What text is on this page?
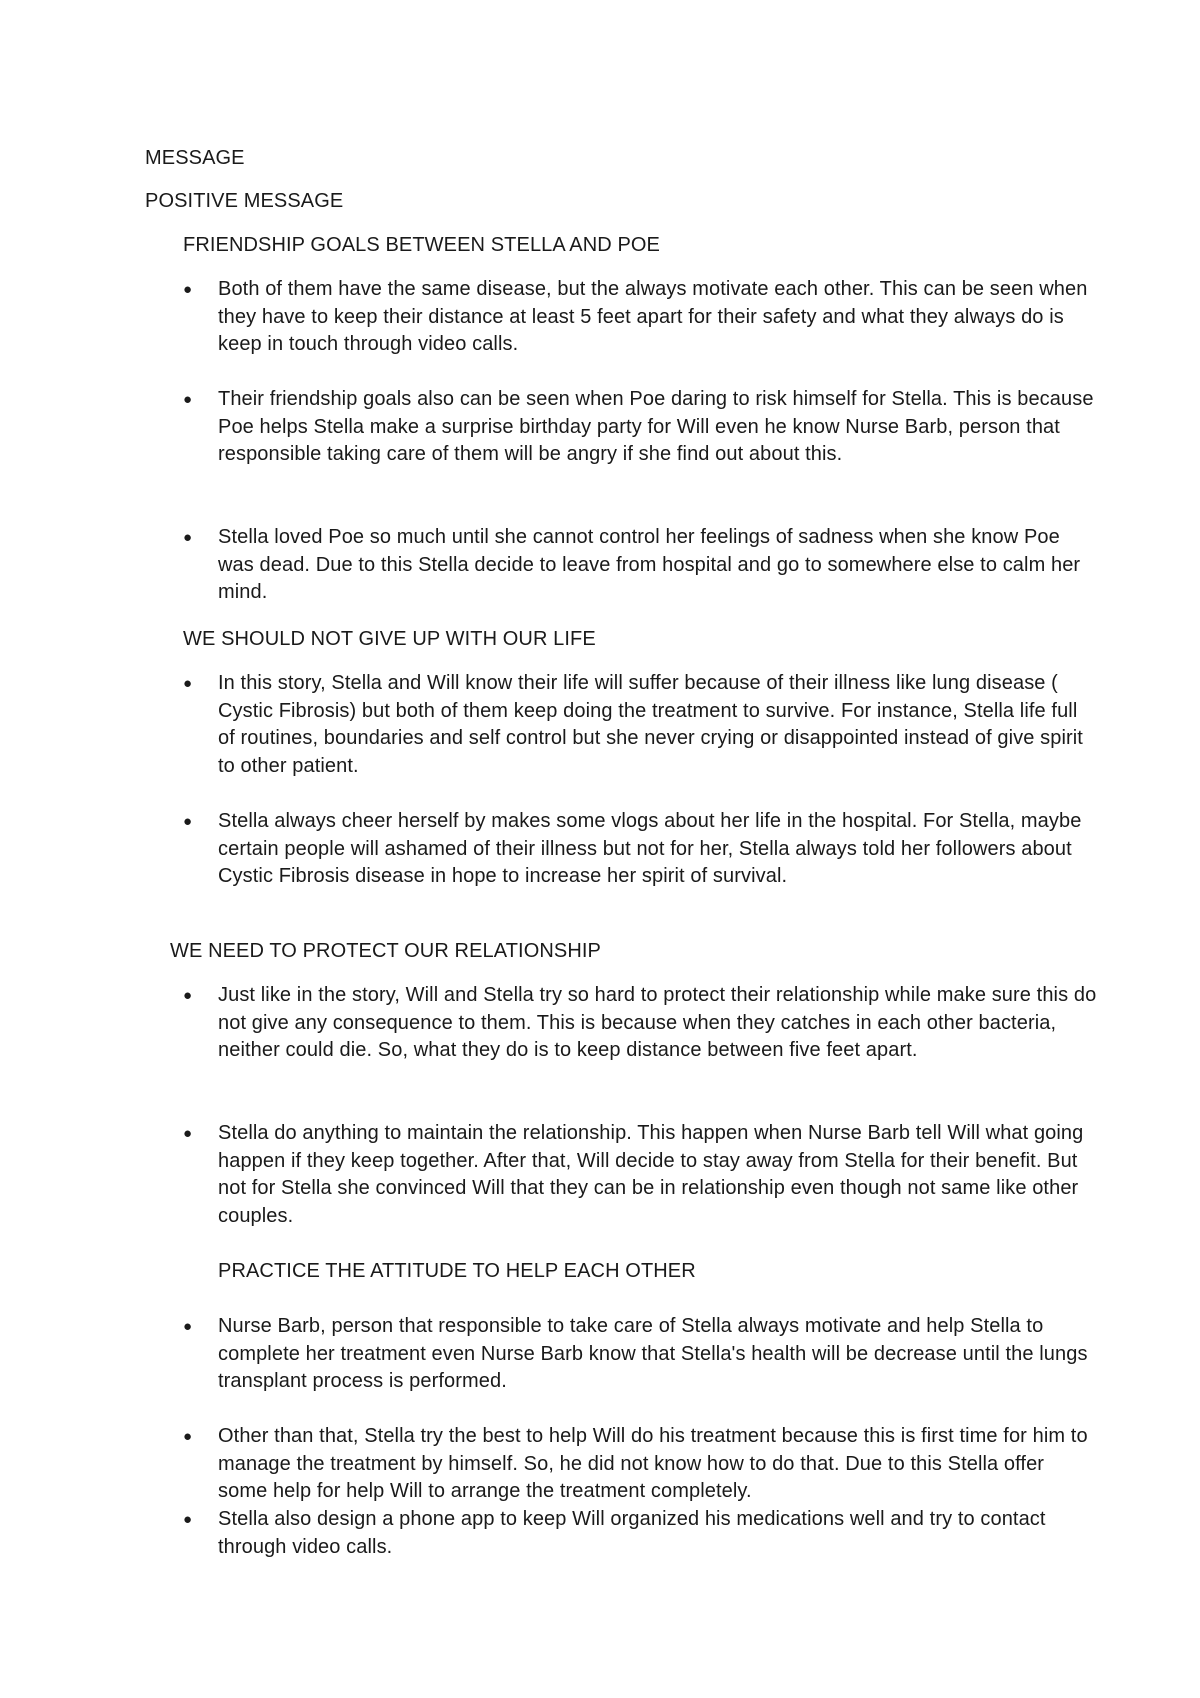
MESSAGE

POSITIVE MESSAGE

FRIENDSHIP GOALS BETWEEN STELLA AND POE

● Both of them have the same disease, but the always motivate each other. This can be seen when they have to keep their distance at least 5 feet apart for their safety and what they always do is keep in touch through video calls.

● Their friendship goals also can be seen when Poe daring to risk himself for Stella. This is because Poe helps Stella make a surprise birthday party for Will even he know Nurse Barb, person that responsible taking care of them will be angry if she find out about this.

● Stella loved Poe so much until she cannot control her feelings of sadness when she know Poe was dead. Due to this Stella decide to leave from hospital and go to somewhere else to calm her mind.

WE SHOULD NOT GIVE UP WITH OUR LIFE

● In this story, Stella and Will know their life will suffer because of their illness like lung disease ( Cystic Fibrosis) but both of them keep doing the treatment to survive. For instance, Stella life full of routines, boundaries and self control but she never crying or disappointed instead of give spirit to other patient.

● Stella always cheer herself by makes some vlogs about her life in the hospital. For Stella, maybe certain people will ashamed of their illness but not for her, Stella always told her followers about Cystic Fibrosis disease in hope to increase her spirit of survival.

WE NEED TO PROTECT OUR RELATIONSHIP

● Just like in the story, Will and Stella try so hard to protect their relationship while make sure this do not give any consequence to them. This is because when they catches in each other bacteria, neither could die. So, what they do is to keep distance between five feet apart.

● Stella do anything to maintain the relationship. This happen when Nurse Barb tell Will what going happen if they keep together. After that, Will decide to stay away from Stella for their benefit. But not for Stella she convinced Will that they can be in relationship even though not same like other couples.

PRACTICE THE ATTITUDE TO HELP EACH OTHER

● Nurse Barb, person that responsible to take care of Stella always motivate and help Stella to complete her treatment even Nurse Barb know that Stella's health will be decrease until the lungs transplant process is performed.

● Other than that, Stella try the best to help Will do his treatment because this is first time for him to manage the treatment by himself. So, he did not know how to do that. Due to this Stella offer some help for help Will to arrange the treatment completely.

● Stella also design a phone app to keep Will organized his medications well and try to contact through video calls.
